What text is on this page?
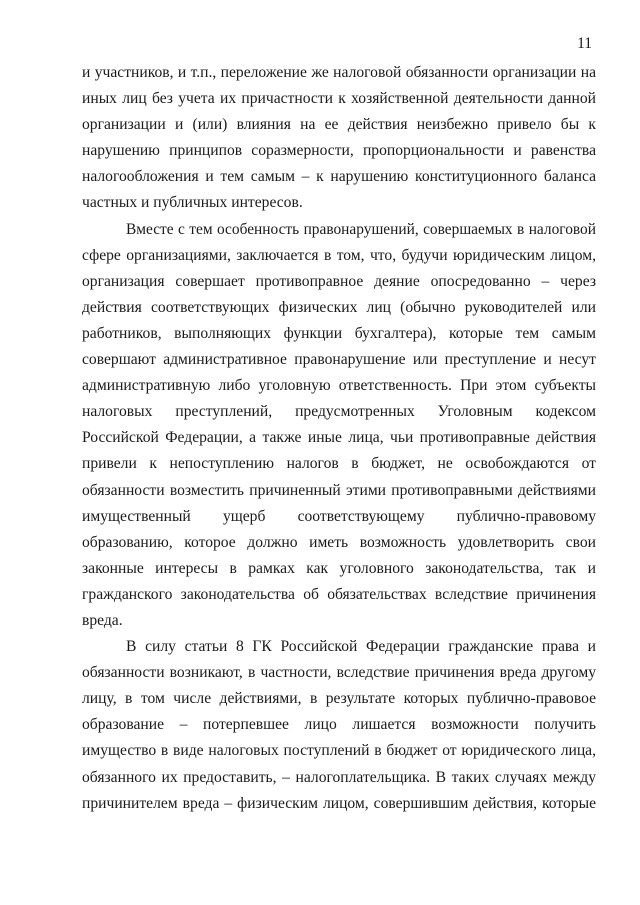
11

и участников, и т.п., переложение же налоговой обязанности организации на
иных лиц без учета их причастности к хозяйственной деятельности данной
организации и (или) влияния на ее действия неизбежно привело бы к
нарушению принципов соразмерности, пропорциональности и равенства
налогообложения и тем самым – к нарушению конституционного баланса
частных и публичных интересов.

Вместе с тем особенность правонарушений, совершаемых в налоговой
сфере организациями, заключается в том, что, будучи юридическим лицом,
организация совершает противоправное деяние опосредованно – через
действия соответствующих физических лиц (обычно руководителей или
работников, выполняющих функции бухгалтера), которые тем самым
совершают административное правонарушение или преступление и несут
административную либо уголовную ответственность. При этом субъекты
налоговых преступлений, предусмотренных Уголовным кодексом
Российской Федерации, а также иные лица, чьи противоправные действия
привели к непоступлению налогов в бюджет, не освобождаются от
обязанности возместить причиненный этими противоправными действиями
имущественный ущерб соответствующему публично-правовому
образованию, которое должно иметь возможность удовлетворить свои
законные интересы в рамках как уголовного законодательства, так и
гражданского законодательства об обязательствах вследствие причинения
вреда.

В силу статьи 8 ГК Российской Федерации гражданские права и
обязанности возникают, в частности, вследствие причинения вреда другому
лицу, в том числе действиями, в результате которых публично-правовое
образование – потерпевшее лицо лишается возможности получить
имущество в виде налоговых поступлений в бюджет от юридического лица,
обязанного их предоставить, – налогоплательщика. В таких случаях между
причинителем вреда – физическим лицом, совершившим действия, которые
